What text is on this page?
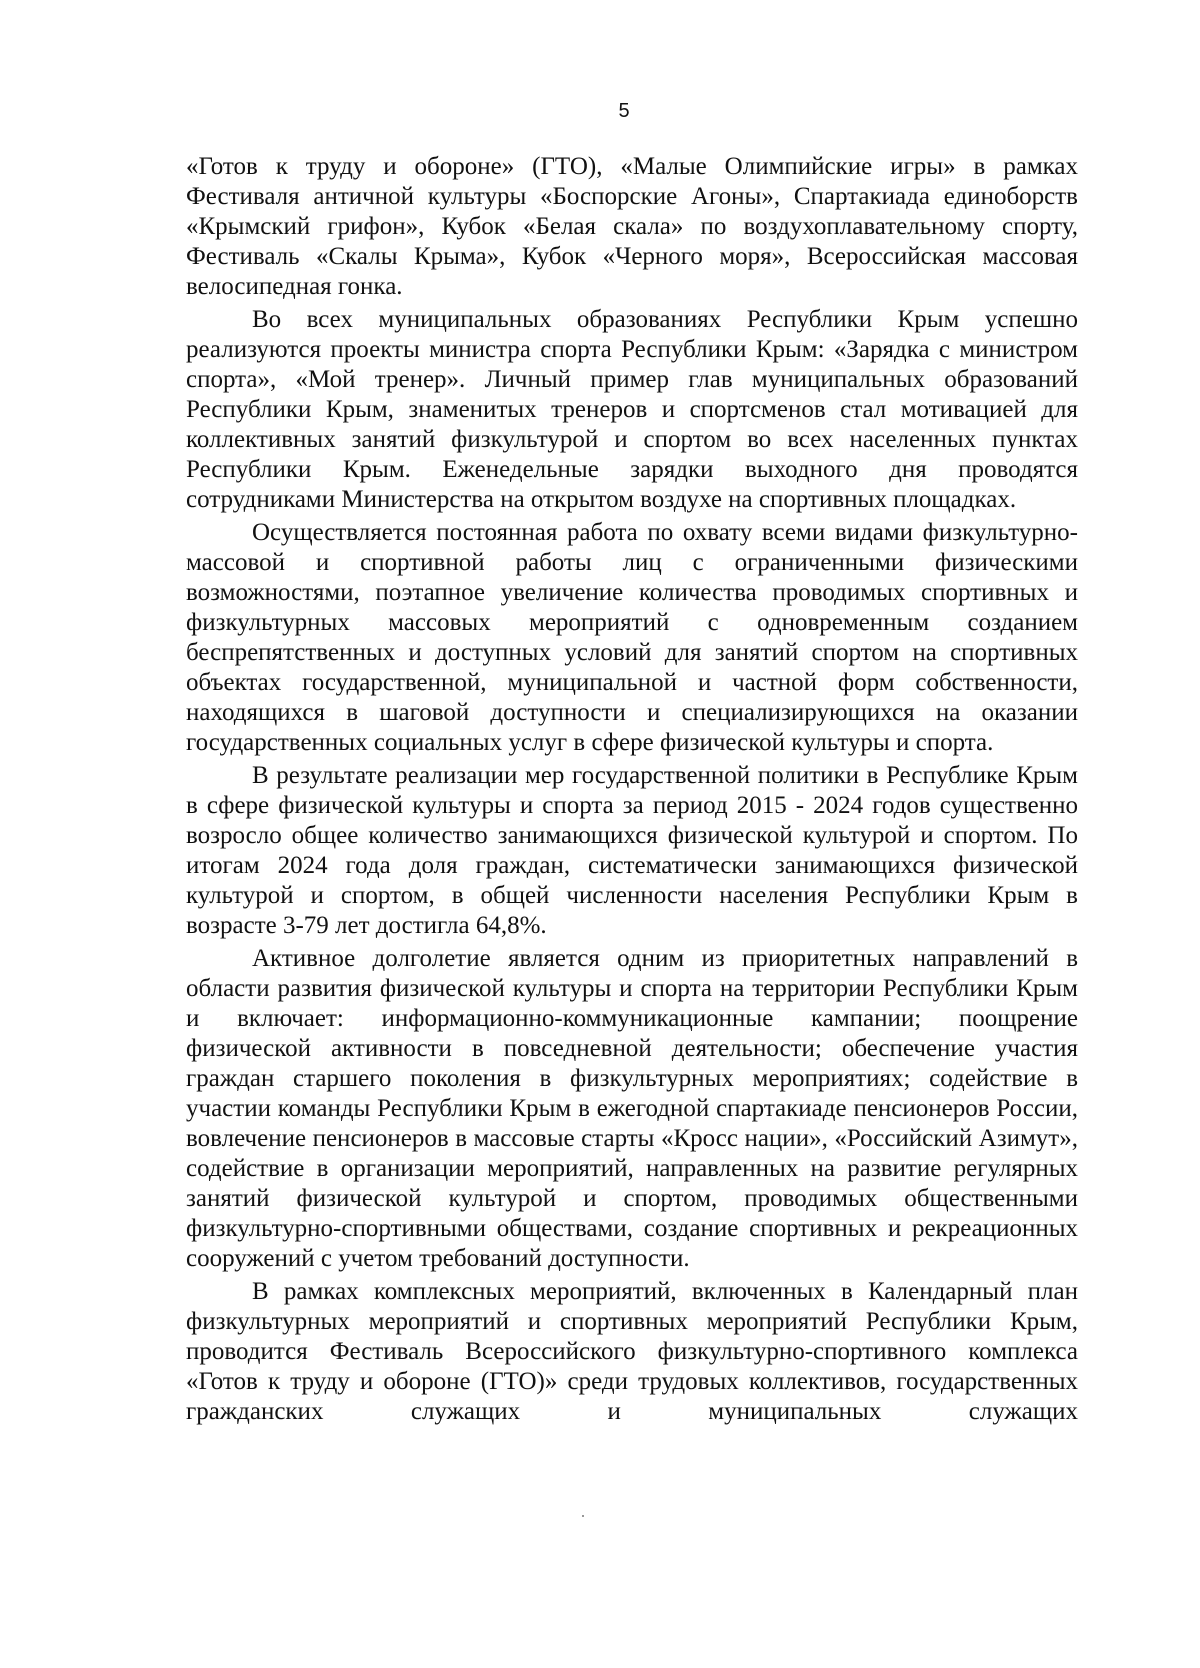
5

«Готов к труду и обороне» (ГТО), «Малые Олимпийские игры» в рамках Фестиваля античной культуры «Боспорские Агоны», Спартакиада единоборств «Крымский грифон», Кубок «Белая скала» по воздухоплавательному спорту, Фестиваль «Скалы Крыма», Кубок «Черного моря», Всероссийская массовая велосипедная гонка.

Во всех муниципальных образованиях Республики Крым успешно реализуются проекты министра спорта Республики Крым: «Зарядка с министром спорта», «Мой тренер». Личный пример глав муниципальных образований Республики Крым, знаменитых тренеров и спортсменов стал мотивацией для коллективных занятий физкультурой и спортом во всех населенных пунктах Республики Крым. Еженедельные зарядки выходного дня проводятся сотрудниками Министерства на открытом воздухе на спортивных площадках.

Осуществляется постоянная работа по охвату всеми видами физкультурно-массовой и спортивной работы лиц с ограниченными физическими возможностями, поэтапное увеличение количества проводимых спортивных и физкультурных массовых мероприятий с одновременным созданием беспрепятственных и доступных условий для занятий спортом на спортивных объектах государственной, муниципальной и частной форм собственности, находящихся в шаговой доступности и специализирующихся на оказании государственных социальных услуг в сфере физической культуры и спорта.

В результате реализации мер государственной политики в Республике Крым в сфере физической культуры и спорта за период 2015 - 2024 годов существенно возросло общее количество занимающихся физической культурой и спортом. По итогам 2024 года доля граждан, систематически занимающихся физической культурой и спортом, в общей численности населения Республики Крым в возрасте 3-79 лет достигла 64,8%.

Активное долголетие является одним из приоритетных направлений в области развития физической культуры и спорта на территории Республики Крым и включает: информационно-коммуникационные кампании; поощрение физической активности в повседневной деятельности; обеспечение участия граждан старшего поколения в физкультурных мероприятиях; содействие в участии команды Республики Крым в ежегодной спартакиаде пенсионеров России, вовлечение пенсионеров в массовые старты «Кросс нации», «Российский Азимут», содействие в организации мероприятий, направленных на развитие регулярных занятий физической культурой и спортом, проводимых общественными физкультурно-спортивными обществами, создание спортивных и рекреационных сооружений с учетом требований доступности.

В рамках комплексных мероприятий, включенных в Календарный план физкультурных мероприятий и спортивных мероприятий Республики Крым, проводится Фестиваль Всероссийского физкультурно-спортивного комплекса «Готов к труду и обороне (ГТО)» среди трудовых коллективов, государственных гражданских служащих и муниципальных служащих
